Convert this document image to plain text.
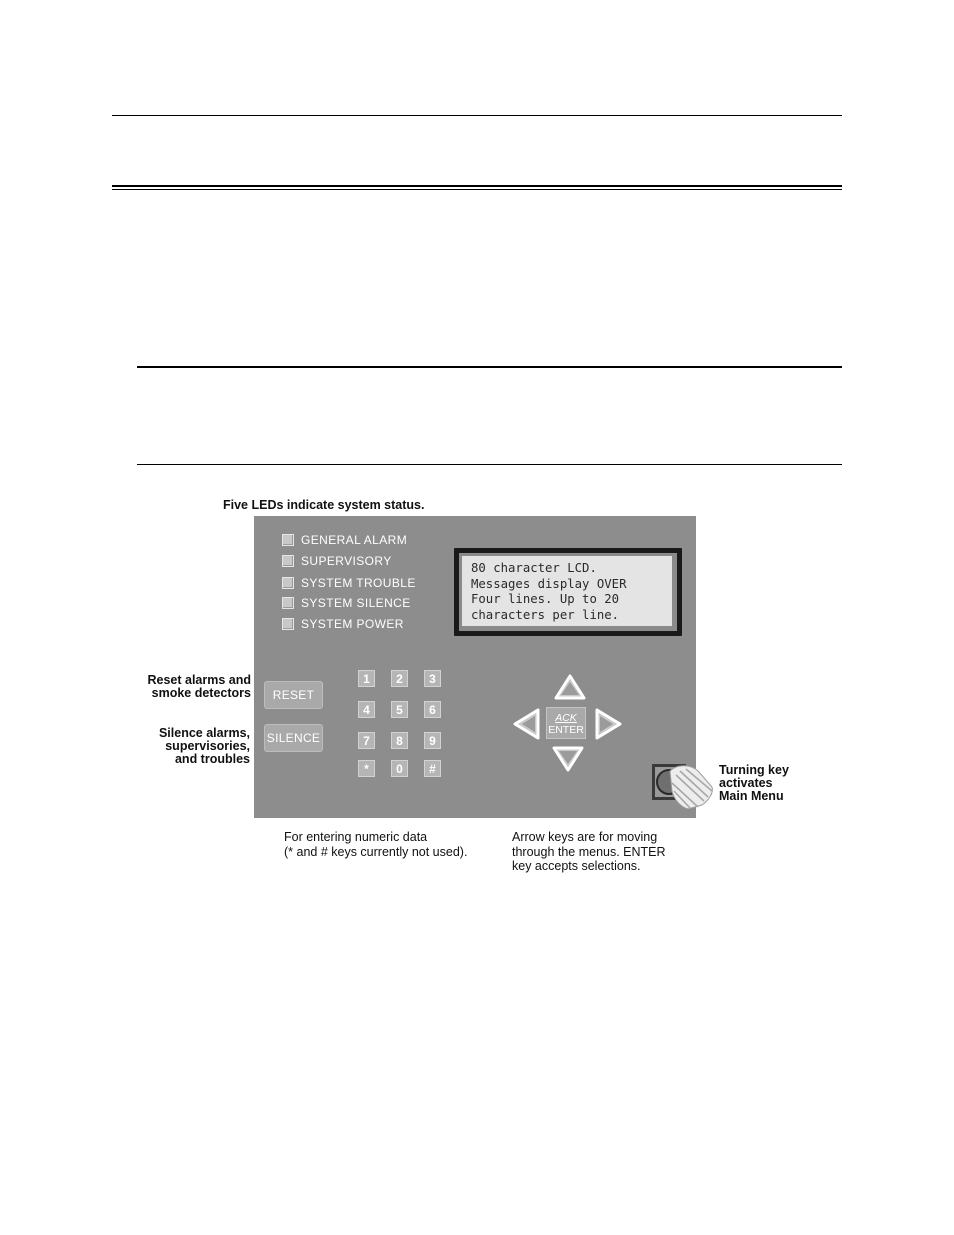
Five LEDs indicate system status.
GENERAL ALARM
SUPERVISORY
SYSTEM TROUBLE
SYSTEM SILENCE
SYSTEM POWER
80 character LCD.
Messages display OVER
Four lines. Up to 20
characters per line.
RESET
SILENCE
1	2	3
4	5	6
7	8	9
*	0	#
ACK
ENTER
Reset alarms and
smoke detectors
Silence alarms,
supervisories,
and troubles
Turning key
activates
Main Menu
For entering numeric data
(* and # keys currently not used).
Arrow keys are for moving
through the menus. ENTER
key accepts selections.
